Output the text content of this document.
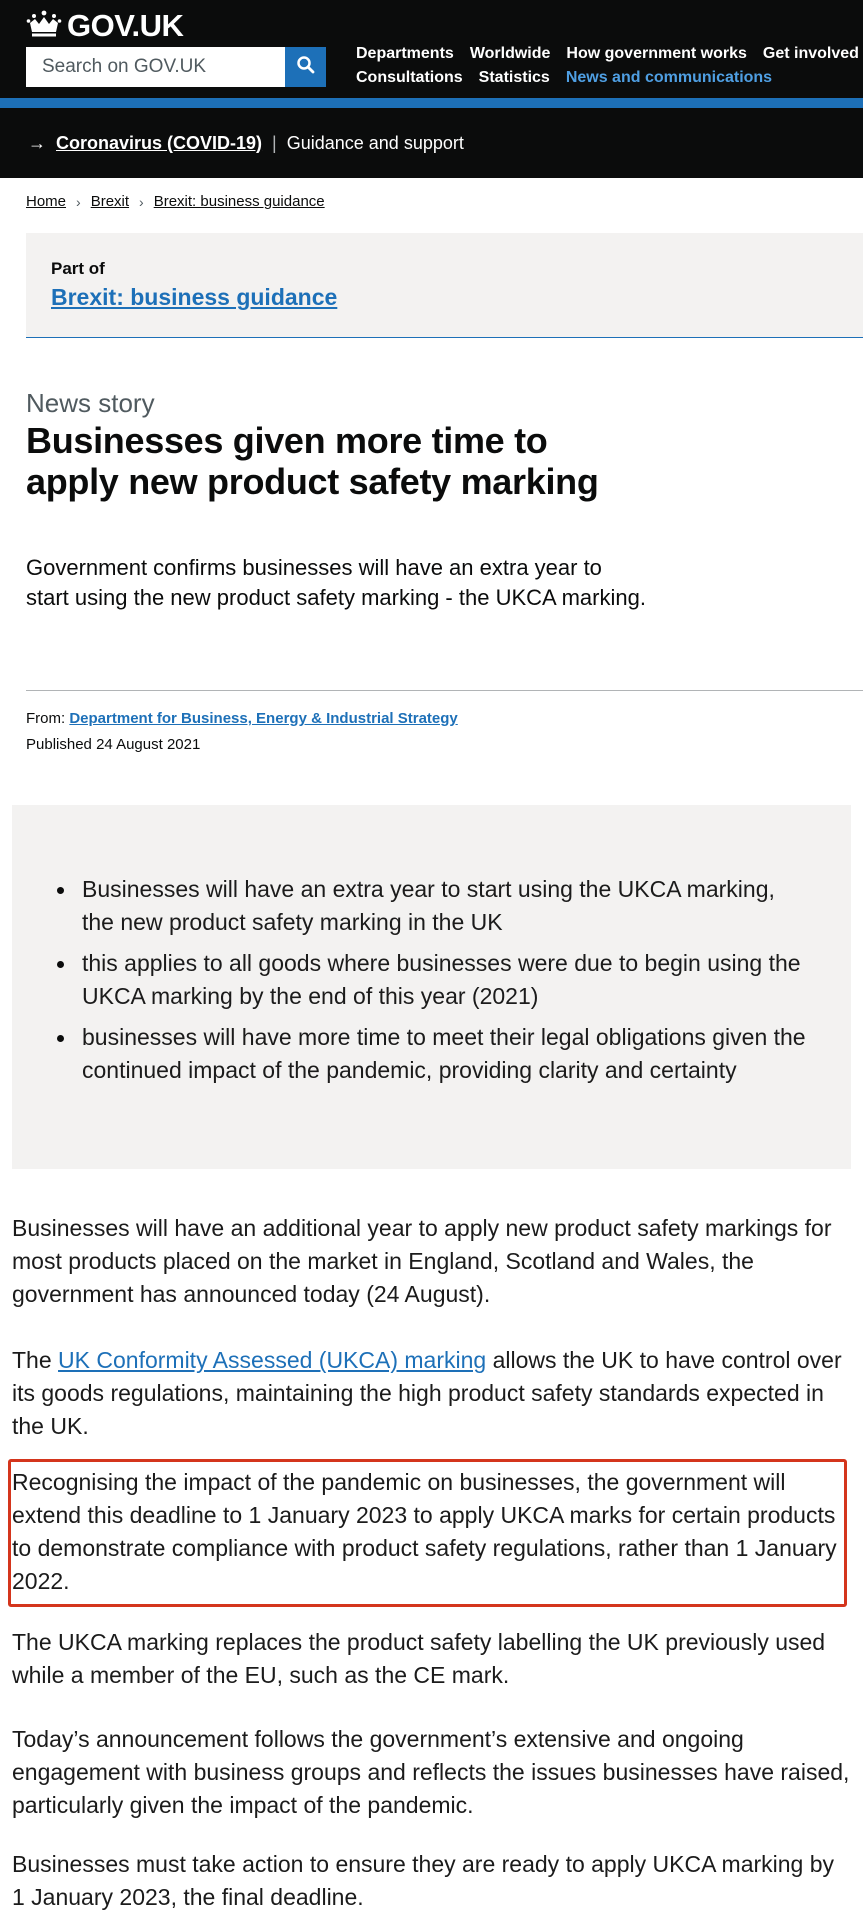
GOV.UK
Search on GOV.UK
Departments Worldwide How government works Get involved
Consultations Statistics News and communications
→ Coronavirus (COVID-19) | Guidance and support
Home › Brexit › Brexit: business guidance
Part of
Brexit: business guidance
News story
Businesses given more time to apply new product safety marking

Government confirms businesses will have an extra year to start using the new product safety marking - the UKCA marking.

From: Department for Business, Energy & Industrial Strategy
Published 24 August 2021
Businesses will have an extra year to start using the UKCA marking, the new product safety marking in the UK
this applies to all goods where businesses were due to begin using the UKCA marking by the end of this year (2021)
businesses will have more time to meet their legal obligations given the continued impact of the pandemic, providing clarity and certainty

Businesses will have an additional year to apply new product safety markings for most products placed on the market in England, Scotland and Wales, the government has announced today (24 August).

The UK Conformity Assessed (UKCA) marking allows the UK to have control over its goods regulations, maintaining the high product safety standards expected in the UK.

Recognising the impact of the pandemic on businesses, the government will extend this deadline to 1 January 2023 to apply UKCA marks for certain products to demonstrate compliance with product safety regulations, rather than 1 January 2022.

The UKCA marking replaces the product safety labelling the UK previously used while a member of the EU, such as the CE mark.

Today’s announcement follows the government’s extensive and ongoing engagement with business groups and reflects the issues businesses have raised, particularly given the impact of the pandemic.

Businesses must take action to ensure they are ready to apply UKCA marking by 1 January 2023, the final deadline.
